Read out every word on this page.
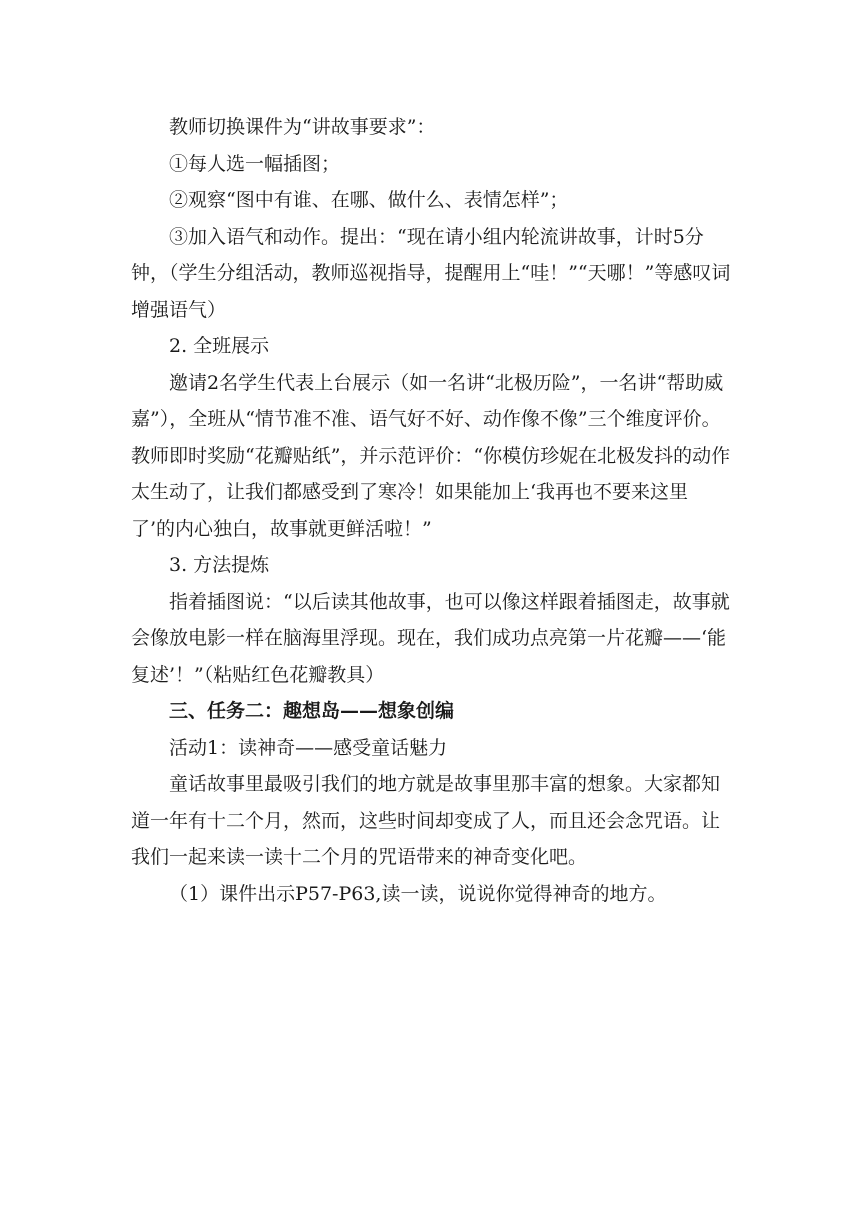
教师切换课件为“讲故事要求”：

①每人选一幅插图；

②观察“图中有谁、在哪、做什么、表情怎样”；

③加入语气和动作。提出：“现在请小组内轮流讲故事，计时5分钟，（学生分组活动，教师巡视指导，提醒用上“哇！”“天哪！”等感叹词增强语气）

2. 全班展示

邀请2名学生代表上台展示（如一名讲“北极历险”，一名讲“帮助威嘉”），全班从“情节准不准、语气好不好、动作像不像”三个维度评价。教师即时奖励“花瓣贴纸”，并示范评价：“你模仿珍妮在北极发抖的动作太生动了，让我们都感受到了寒冷！如果能加上‘我再也不要来这里了’的内心独白，故事就更鲜活啦！”

3. 方法提炼

指着插图说：“以后读其他故事，也可以像这样跟着插图走，故事就会像放电影一样在脑海里浮现。现在，我们成功点亮第一片花瓣——‘能复述’！”（粘贴红色花瓣教具）

三、任务二：趣想岛——想象创编

活动1：读神奇——感受童话魅力

童话故事里最吸引我们的地方就是故事里那丰富的想象。大家都知道一年有十二个月，然而，这些时间却变成了人，而且还会念咒语。让我们一起来读一读十二个月的咒语带来的神奇变化吧。

（1）课件出示P57-P63,读一读，说说你觉得神奇的地方。
